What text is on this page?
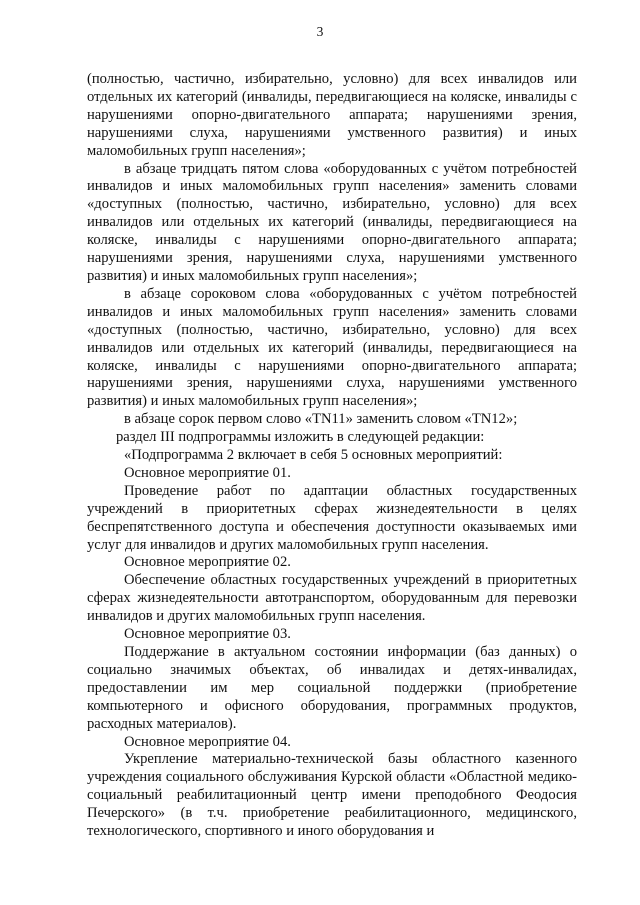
3

(полностью, частично, избирательно, условно) для всех инвалидов или отдельных их категорий (инвалиды, передвигающиеся на коляске, инвалиды с нарушениями опорно-двигательного аппарата; нарушениями зрения, нарушениями слуха, нарушениями умственного развития) и иных маломобильных групп населения»;

в абзаце тридцать пятом слова «оборудованных с учётом потребностей инвалидов и иных маломобильных групп населения» заменить словами «доступных (полностью, частично, избирательно, условно) для всех инвалидов или отдельных их категорий (инвалиды, передвигающиеся на коляске, инвалиды с нарушениями опорно-двигательного аппарата; нарушениями зрения, нарушениями слуха, нарушениями умственного развития) и иных маломобильных групп населения»;

в абзаце сороковом слова «оборудованных с учётом потребностей инвалидов и иных маломобильных групп населения» заменить словами «доступных (полностью, частично, избирательно, условно) для всех инвалидов или отдельных их категорий (инвалиды, передвигающиеся на коляске, инвалиды с нарушениями опорно-двигательного аппарата; нарушениями зрения, нарушениями слуха, нарушениями умственного развития) и иных маломобильных групп населения»;

в абзаце сорок первом слово «TN11» заменить словом «TN12»;

раздел III подпрограммы изложить в следующей редакции:

«Подпрограмма 2 включает в себя 5 основных мероприятий:

Основное мероприятие 01.

Проведение работ по адаптации областных государственных учреждений в приоритетных сферах жизнедеятельности в целях беспрепятственного доступа и обеспечения доступности оказываемых ими услуг для инвалидов и других маломобильных групп населения.

Основное мероприятие 02.

Обеспечение областных государственных учреждений в приоритетных сферах жизнедеятельности автотранспортом, оборудованным для перевозки инвалидов и других маломобильных групп населения.

Основное мероприятие 03.

Поддержание в актуальном состоянии информации (баз данных) о социально значимых объектах, об инвалидах и детях-инвалидах, предоставлении им мер социальной поддержки (приобретение компьютерного и офисного оборудования, программных продуктов, расходных материалов).

Основное мероприятие 04.

Укрепление материально-технической базы областного казенного учреждения социального обслуживания Курской области «Областной медико-социальный реабилитационный центр имени преподобного Феодосия Печерского» (в т.ч. приобретение реабилитационного, медицинского, технологического, спортивного и иного оборудования и
